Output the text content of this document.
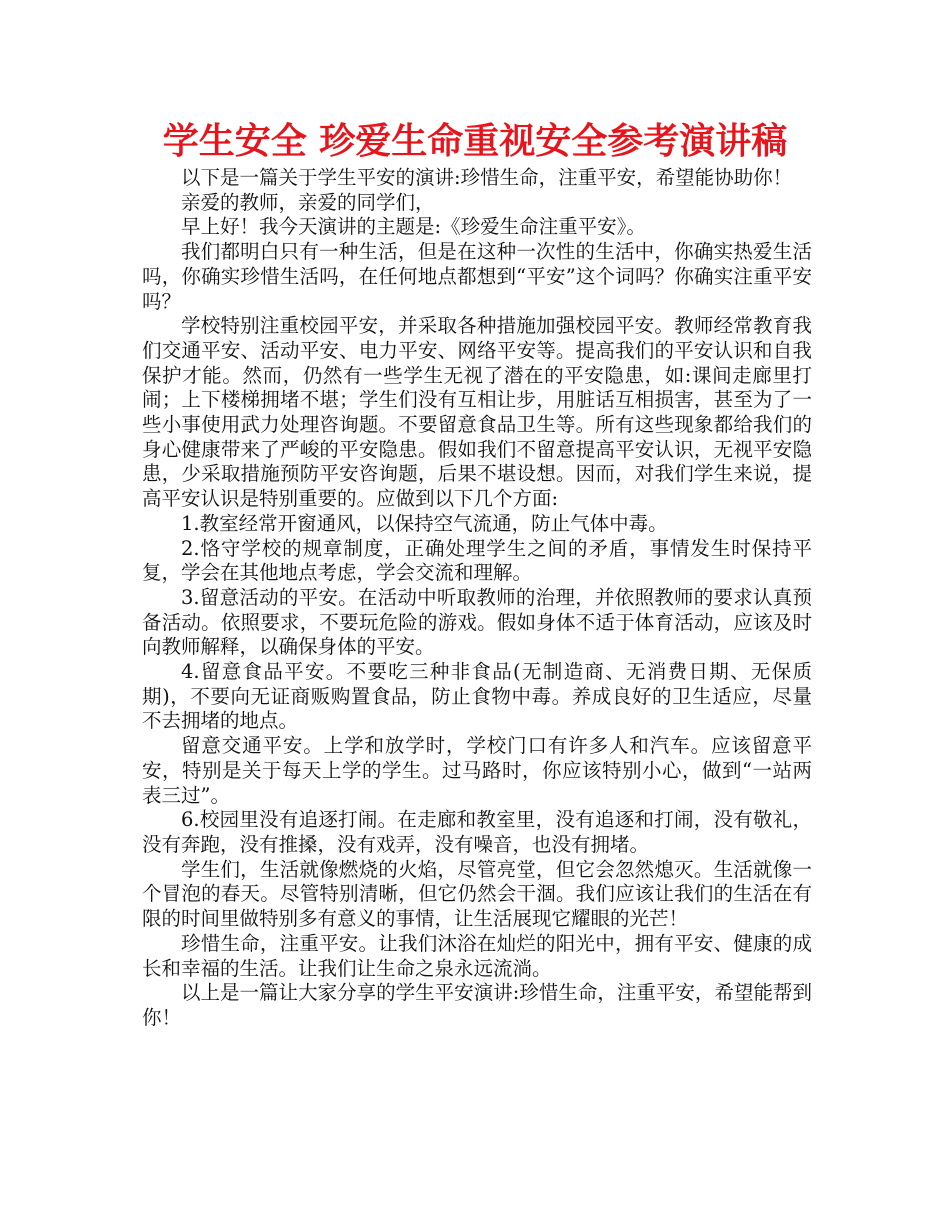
学生安全 珍爱生命重视安全参考演讲稿

以下是一篇关于学生平安的演讲:珍惜生命，注重平安，希望能协助你！

亲爱的教师，亲爱的同学们，

早上好！我今天演讲的主题是:《珍爱生命注重平安》。

我们都明白只有一种生活，但是在这种一次性的生活中，你确实热爱生活吗，你确实珍惜生活吗，在任何地点都想到“平安”这个词吗？你确实注重平安吗？

学校特别注重校园平安，并采取各种措施加强校园平安。教师经常教育我们交通平安、活动平安、电力平安、网络平安等。提高我们的平安认识和自我保护才能。然而，仍然有一些学生无视了潜在的平安隐患，如:课间走廊里打闹；上下楼梯拥堵不堪；学生们没有互相让步，用脏话互相损害，甚至为了一些小事使用武力处理咨询题。不要留意食品卫生等。所有这些现象都给我们的身心健康带来了严峻的平安隐患。假如我们不留意提高平安认识，无视平安隐患，少采取措施预防平安咨询题，后果不堪设想。因而，对我们学生来说，提高平安认识是特别重要的。应做到以下几个方面:

1.教室经常开窗通风，以保持空气流通，防止气体中毒。

2.恪守学校的规章制度，正确处理学生之间的矛盾，事情发生时保持平复，学会在其他地点考虑，学会交流和理解。

3.留意活动的平安。在活动中听取教师的治理，并依照教师的要求认真预备活动。依照要求，不要玩危险的游戏。假如身体不适于体育活动，应该及时向教师解释，以确保身体的平安。

4.留意食品平安。不要吃三种非食品(无制造商、无消费日期、无保质期)，不要向无证商贩购置食品，防止食物中毒。养成良好的卫生适应，尽量不去拥堵的地点。

留意交通平安。上学和放学时，学校门口有许多人和汽车。应该留意平安，特别是关于每天上学的学生。过马路时，你应该特别小心，做到“一站两表三过”。

6.校园里没有追逐打闹。在走廊和教室里，没有追逐和打闹，没有敬礼，没有奔跑，没有推搡，没有戏弄，没有噪音，也没有拥堵。

学生们，生活就像燃烧的火焰，尽管亮堂，但它会忽然熄灭。生活就像一个冒泡的春天。尽管特别清晰，但它仍然会干涸。我们应该让我们的生活在有限的时间里做特别多有意义的事情，让生活展现它耀眼的光芒！

珍惜生命，注重平安。让我们沐浴在灿烂的阳光中，拥有平安、健康的成长和幸福的生活。让我们让生命之泉永远流淌。

以上是一篇让大家分享的学生平安演讲:珍惜生命，注重平安，希望能帮到你！
